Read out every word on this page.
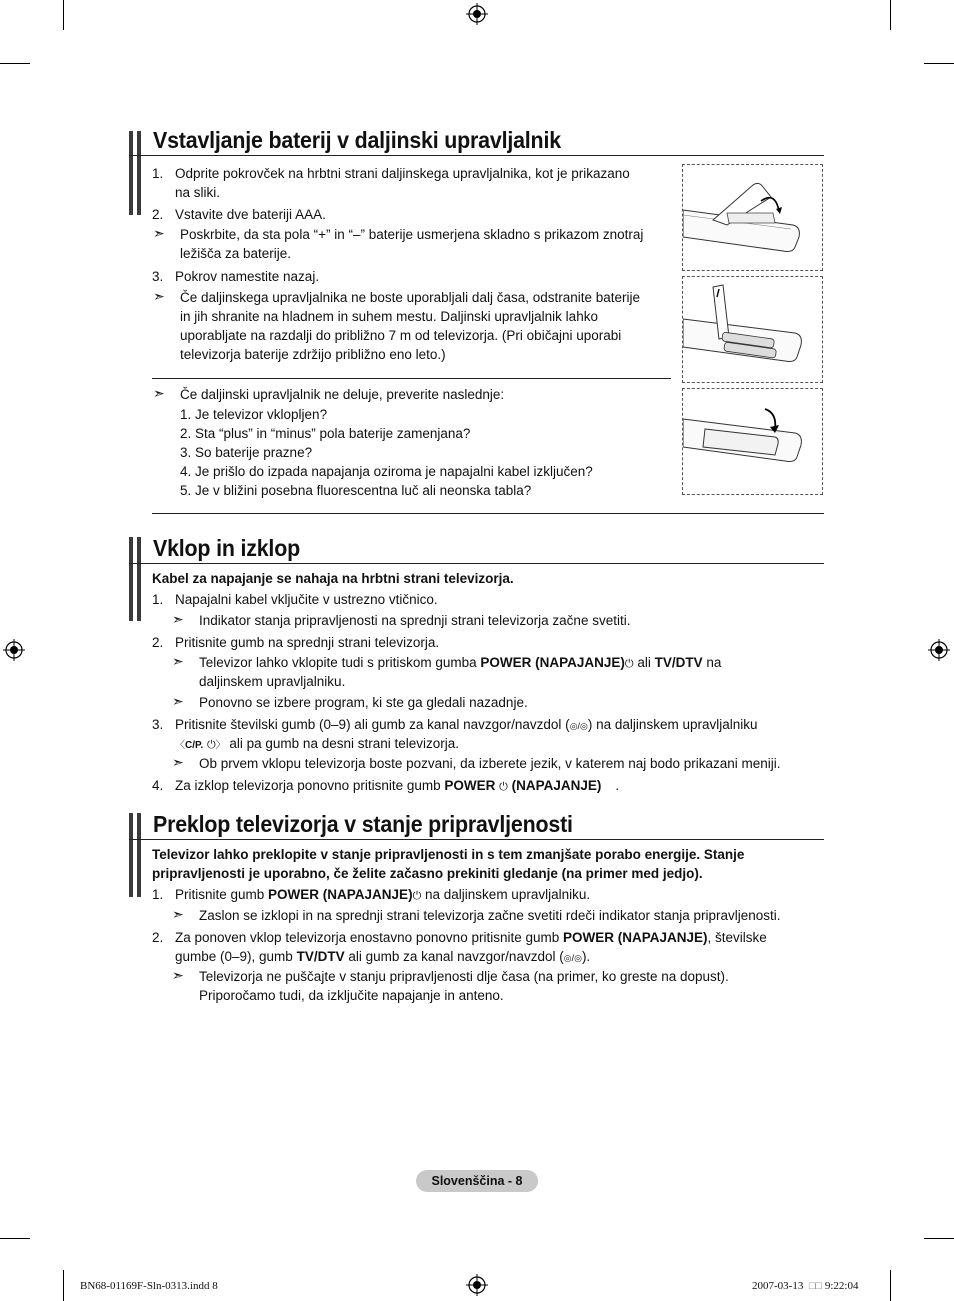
Vstavljanje baterij v daljinski upravljalnik
1. Odprite pokrovček na hrbtni strani daljinskega upravljalnika, kot je prikazano
na sliki.
2. Vstavite dve bateriji AAA.
➣ Poskrbite, da sta pola “+” in “–” baterije usmerjena skladno s prikazom znotraj
ležišča za baterije.
3. Pokrov namestite nazaj.
➣ Če daljinskega upravljalnika ne boste uporabljali dalj časa, odstranite baterije
in jih shranite na hladnem in suhem mestu. Daljinski upravljalnik lahko
uporabljate na razdalji do približno 7 m od televizorja. (Pri običajni uporabi
televizorja baterije zdržijo približno eno leto.)
➣ Če daljinski upravljalnik ne deluje, preverite naslednje:
1. Je televizor vklopljen?
2. Sta “plus” in “minus” pola baterije zamenjana?
3. So baterije prazne?
4. Je prišlo do izpada napajanja oziroma je napajalni kabel izključen?
5. Je v bližini posebna fluorescentna luč ali neonska tabla?
Vklop in izklop
Kabel za napajanje se nahaja na hrbtni strani televizorja.
1. Napajalni kabel vključite v ustrezno vtičnico.
➣ Indikator stanja pripravljenosti na sprednji strani televizorja začne svetiti.
2. Pritisnite gumb na sprednji strani televizorja.
➣ Televizor lahko vklopite tudi s pritiskom gumba POWER (NAPAJANJE)⏻ ali TV/DTV na
daljinskem upravljalniku.
➣ Ponovno se izbere program, ki ste ga gledali nazadnje.
3. Pritisnite številski gumb (0–9) ali gumb za kanal navzgor/navzdol (◎/◎) na daljinskem upravljalniku
〈C/P. ⏻〉 ali pa gumb na desni strani televizorja.
➣ Ob prvem vklopu televizorja boste pozvani, da izberete jezik, v katerem naj bodo prikazani meniji.
4. Za izklop televizorja ponovno pritisnite gumb POWER ⏻ (NAPAJANJE) .
Preklop televizorja v stanje pripravljenosti
Televizor lahko preklopite v stanje pripravljenosti in s tem zmanjšate porabo energije. Stanje
pripravljenosti je uporabno, če želite začasno prekiniti gledanje (na primer med jedjo).
1. Pritisnite gumb POWER (NAPAJANJE)⏻ na daljinskem upravljalniku.
➣ Zaslon se izklopi in na sprednji strani televizorja začne svetiti rdeči indikator stanja pripravljenosti.
2. Za ponoven vklop televizorja enostavno ponovno pritisnite gumb POWER (NAPAJANJE), številske
gumbe (0–9), gumb TV/DTV ali gumb za kanal navzgor/navzdol (◎/◎).
➣ Televizorja ne puščajte v stanju pripravljenosti dlje časa (na primer, ko greste na dopust).
Priporočamo tudi, da izključite napajanje in anteno.
Slovenščina - 8
BN68-01169F-Sln-0313.indd 8	2007-03-13 □□ 9:22:04
